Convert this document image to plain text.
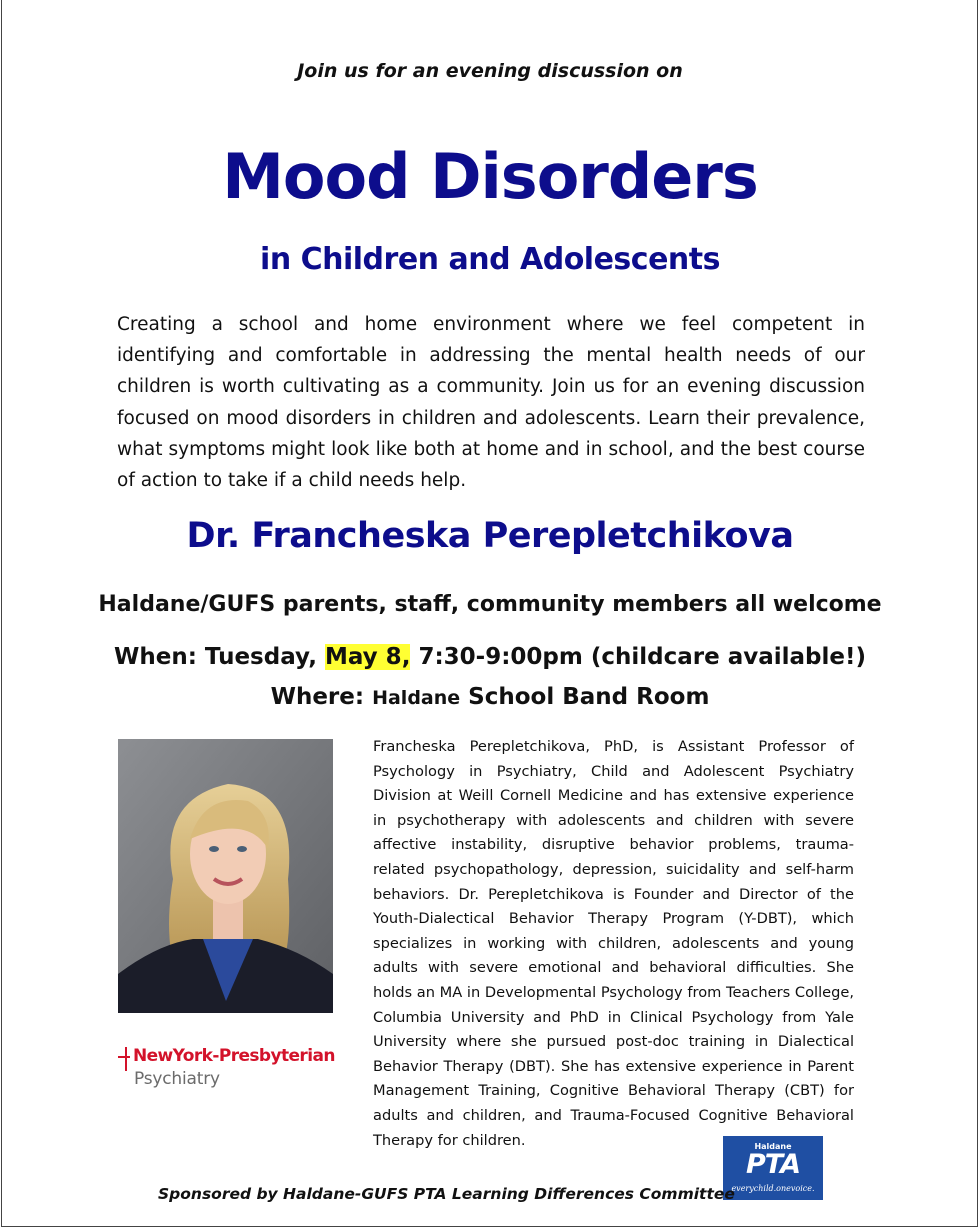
Join us for an evening discussion on
Mood Disorders
in Children and Adolescents
Creating a school and home environment where we feel competent in identifying and comfortable in addressing the mental health needs of our children is worth cultivating as a community. Join us for an evening discussion focused on mood disorders in children and adolescents. Learn their prevalence, what symptoms might look like both at home and in school, and the best course of action to take if a child needs help.
Dr. Francheska Perepletchikova
Haldane/GUFS parents, staff, community members all welcome
When: Tuesday, May 8, 7:30-9:00pm (childcare available!)
Where: Haldane School Band Room
Francheska Perepletchikova, PhD, is Assistant Professor of Psychology in Psychiatry, Child and Adolescent Psychiatry Division at Weill Cornell Medicine and has extensive experience in psychotherapy with adolescents and children with severe affective instability, disruptive behavior problems, trauma-related psychopathology, depression, suicidality and self-harm behaviors. Dr. Perepletchikova is Founder and Director of the Youth-Dialectical Behavior Therapy Program (Y-DBT), which specializes in working with children, adolescents and young adults with severe emotional and behavioral difficulties. She holds an MA in Developmental Psychology from Teachers College, Columbia University and PhD in Clinical Psychology from Yale University where she pursued post-doc training in Dialectical Behavior Therapy (DBT). She has extensive experience in Parent Management Training, Cognitive Behavioral Therapy (CBT) for adults and children, and Trauma-Focused Cognitive Behavioral Therapy for children.
NewYork-Presbyterian
Psychiatry
Haldane
PTA
everychild.onevoice.
Sponsored by Haldane-GUFS PTA Learning Differences Committee
